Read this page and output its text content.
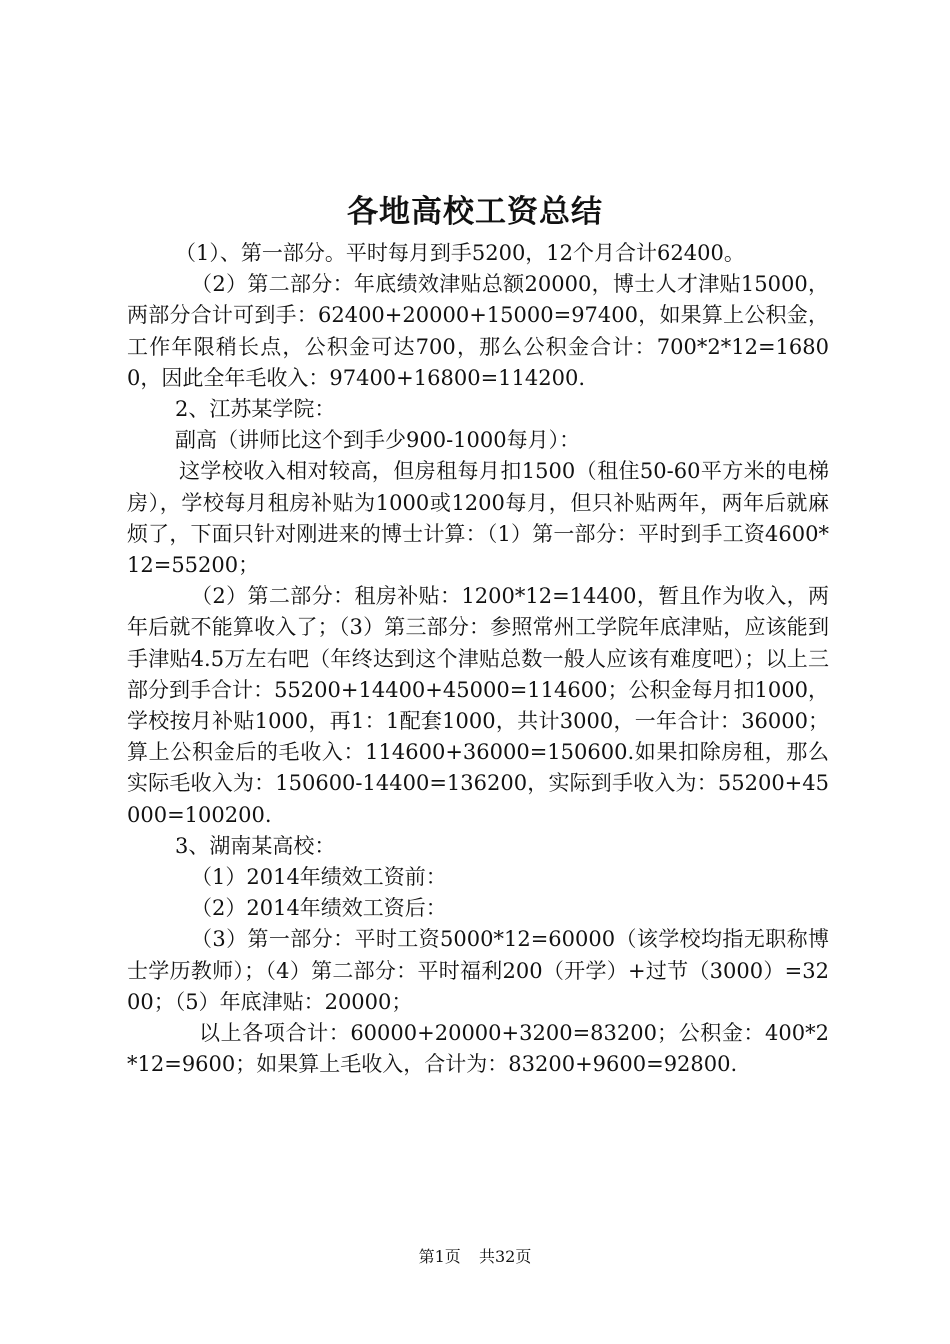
各地高校工资总结

（1）、第一部分。平时每月到手5200，12个月合计62400。

（2）第二部分：年底绩效津贴总额20000，博士人才津贴15000，两部分合计可到手：62400+20000+15000=97400，如果算上公积金，工作年限稍长点，公积金可达700，那么公积金合计：700*2*12=16800，因此全年毛收入：97400+16800=114200.

2、江苏某学院：

副高（讲师比这个到手少900-1000每月）：

这学校收入相对较高，但房租每月扣1500（租住50-60平方米的电梯房），学校每月租房补贴为1000或1200每月，但只补贴两年，两年后就麻烦了，下面只针对刚进来的博士计算：（1）第一部分：平时到手工资4600*12=55200；

（2）第二部分：租房补贴：1200*12=14400，暂且作为收入，两年后就不能算收入了；（3）第三部分：参照常州工学院年底津贴，应该能到手津贴4.5万左右吧（年终达到这个津贴总数一般人应该有难度吧）；以上三部分到手合计：55200+14400+45000=114600；公积金每月扣1000，学校按月补贴1000，再1：1配套1000，共计3000，一年合计：36000；算上公积金后的毛收入：114600+36000=150600.如果扣除房租，那么实际毛收入为：150600-14400=136200，实际到手收入为：55200+45000=100200.

3、湖南某高校：

（1）2014年绩效工资前：

（2）2014年绩效工资后：

（3）第一部分：平时工资5000*12=60000（该学校均指无职称博士学历教师）；（4）第二部分：平时福利200（开学）+过节（3000）=3200；（5）年底津贴：20000；

以上各项合计：60000+20000+3200=83200；公积金：400*2*12=9600；如果算上毛收入，合计为：83200+9600=92800.

第1页 共32页
